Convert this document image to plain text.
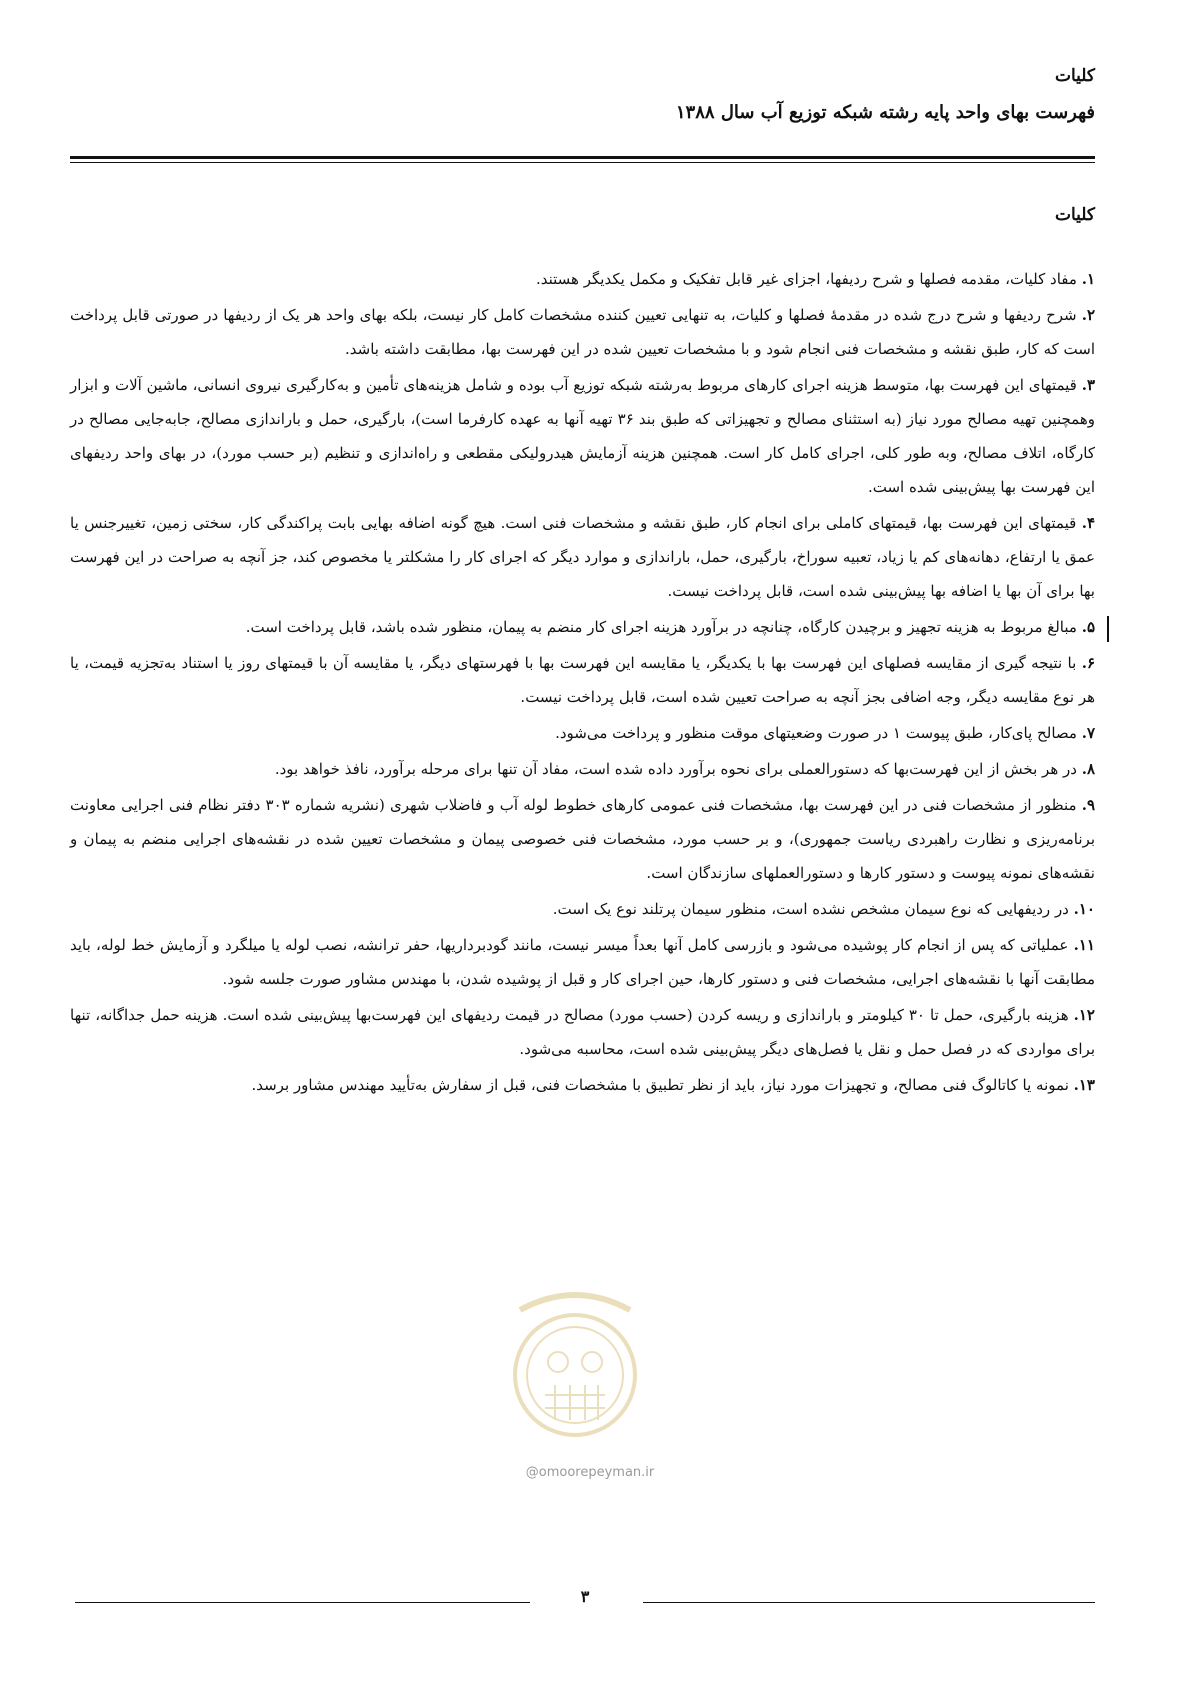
کلیات
فهرست بهای واحد پایه رشته شبکه توزیع آب سال ۱۳۸۸
کلیات

۱. مفاد کلیات، مقدمه فصلها و شرح ردیفها، اجزای غیر قابل تفکیک و مکمل یکدیگر هستند.

۲. شرح ردیفها و شرح درج شده در مقدمهٔ فصلها و کلیات، به تنهایی تعیین کننده مشخصات کامل کار نیست، بلکه بهای واحد هر یک از ردیفها در صورتی قابل پرداخت است که کار، طبق نقشه و مشخصات فنی انجام شود و با مشخصات تعیین شده در این فهرست بها، مطابقت داشته باشد.

۳. قیمتهای این فهرست بها، متوسط هزینه اجرای کارهای مربوط به‌رشته شبکه توزیع آب بوده و شامل هزینه‌های تأمین و به‌کارگیری نیروی انسانی، ماشین آلات و ابزار وهمچنین تهیه مصالح مورد نیاز (به استثنای مصالح و تجهیزاتی که طبق بند ۳۶ تهیه آنها به عهده کارفرما است)، بارگیری، حمل و باراندازی مصالح، جابه‌جایی مصالح در کارگاه، اتلاف مصالح، وبه طور کلی، اجرای کامل کار است. همچنین هزینه آزمایش هیدرولیکی مقطعی و راه‌اندازی و تنظیم (بر حسب مورد)، در بهای واحد ردیفهای این فهرست بها پیش‌بینی شده است.

۴. قیمتهای این فهرست بها، قیمتهای کاملی برای انجام کار، طبق نقشه و مشخصات فنی است. هیچ گونه اضافه بهایی بابت پراکندگی کار، سختی زمین، تغییرجنس یا عمق یا ارتفاع، دهانه‌های کم یا زیاد، تعبیه سوراخ، بارگیری، حمل، باراندازی و موارد دیگر که اجرای کار را مشکلتر یا مخصوص کند، جز آنچه به صراحت در این فهرست بها برای آن بها یا اضافه بها پیش‌بینی شده است، قابل پرداخت نیست.

۵. مبالغ مربوط به هزینه تجهیز و برچیدن کارگاه، چنانچه در برآورد هزینه اجرای کار منضم به پیمان، منظور شده باشد، قابل پرداخت است.

۶. با نتیجه گیری از مقایسه فصلهای این فهرست بها با یکدیگر، یا مقایسه این فهرست بها با فهرستهای دیگر، یا مقایسه آن با قیمتهای روز یا استناد به‌تجزیه قیمت، یا هر نوع مقایسه دیگر، وجه اضافی بجز آنچه به صراحت تعیین شده است، قابل پرداخت نیست.

۷. مصالح پای‌کار، طبق پیوست ۱ در صورت وضعیتهای موقت منظور و پرداخت می‌شود.

۸. در هر بخش از این فهرست‌بها که دستورالعملی برای نحوه برآورد داده شده است، مفاد آن تنها برای مرحله برآورد، نافذ خواهد بود.

۹. منظور از مشخصات فنی در این فهرست بها، مشخصات فنی عمومی کارهای خطوط لوله آب و فاضلاب شهری (نشریه شماره ۳۰۳ دفتر نظام فنی اجرایی معاونت برنامه‌ریزی و نظارت راهبردی ریاست جمهوری)، و بر حسب مورد، مشخصات فنی خصوصی پیمان و مشخصات تعیین شده در نقشه‌های اجرایی منضم به پیمان و نقشه‌های نمونه پیوست و دستور کارها و دستورالعملهای سازندگان است.

۱۰. در ردیفهایی که نوع سیمان مشخص نشده است، منظور سیمان پرتلند نوع یک است.

۱۱. عملیاتی که پس از انجام کار پوشیده می‌شود و بازرسی کامل آنها بعداً میسر نیست، مانند گودبرداریها، حفر ترانشه، نصب لوله یا میلگرد و آزمایش خط لوله، باید مطابقت آنها با نقشه‌های اجرایی، مشخصات فنی و دستور کارها، حین اجرای کار و قبل از پوشیده شدن، با مهندس مشاور صورت جلسه شود.

۱۲. هزینه بارگیری، حمل تا ۳۰ کیلومتر و باراندازی و ریسه کردن (حسب مورد) مصالح در قیمت ردیفهای این فهرست‌بها پیش‌بینی شده است. هزینه حمل جداگانه، تنها برای مواردی که در فصل حمل و نقل یا فصل‌های دیگر پیش‌بینی شده است، محاسبه می‌شود.

۱۳. نمونه یا کاتالوگ فنی مصالح، و تجهیزات مورد نیاز، باید از نظر تطبیق با مشخصات فنی، قبل از سفارش به‌تأیید مهندس مشاور برسد.

@omoorepeyman.ir
۳
